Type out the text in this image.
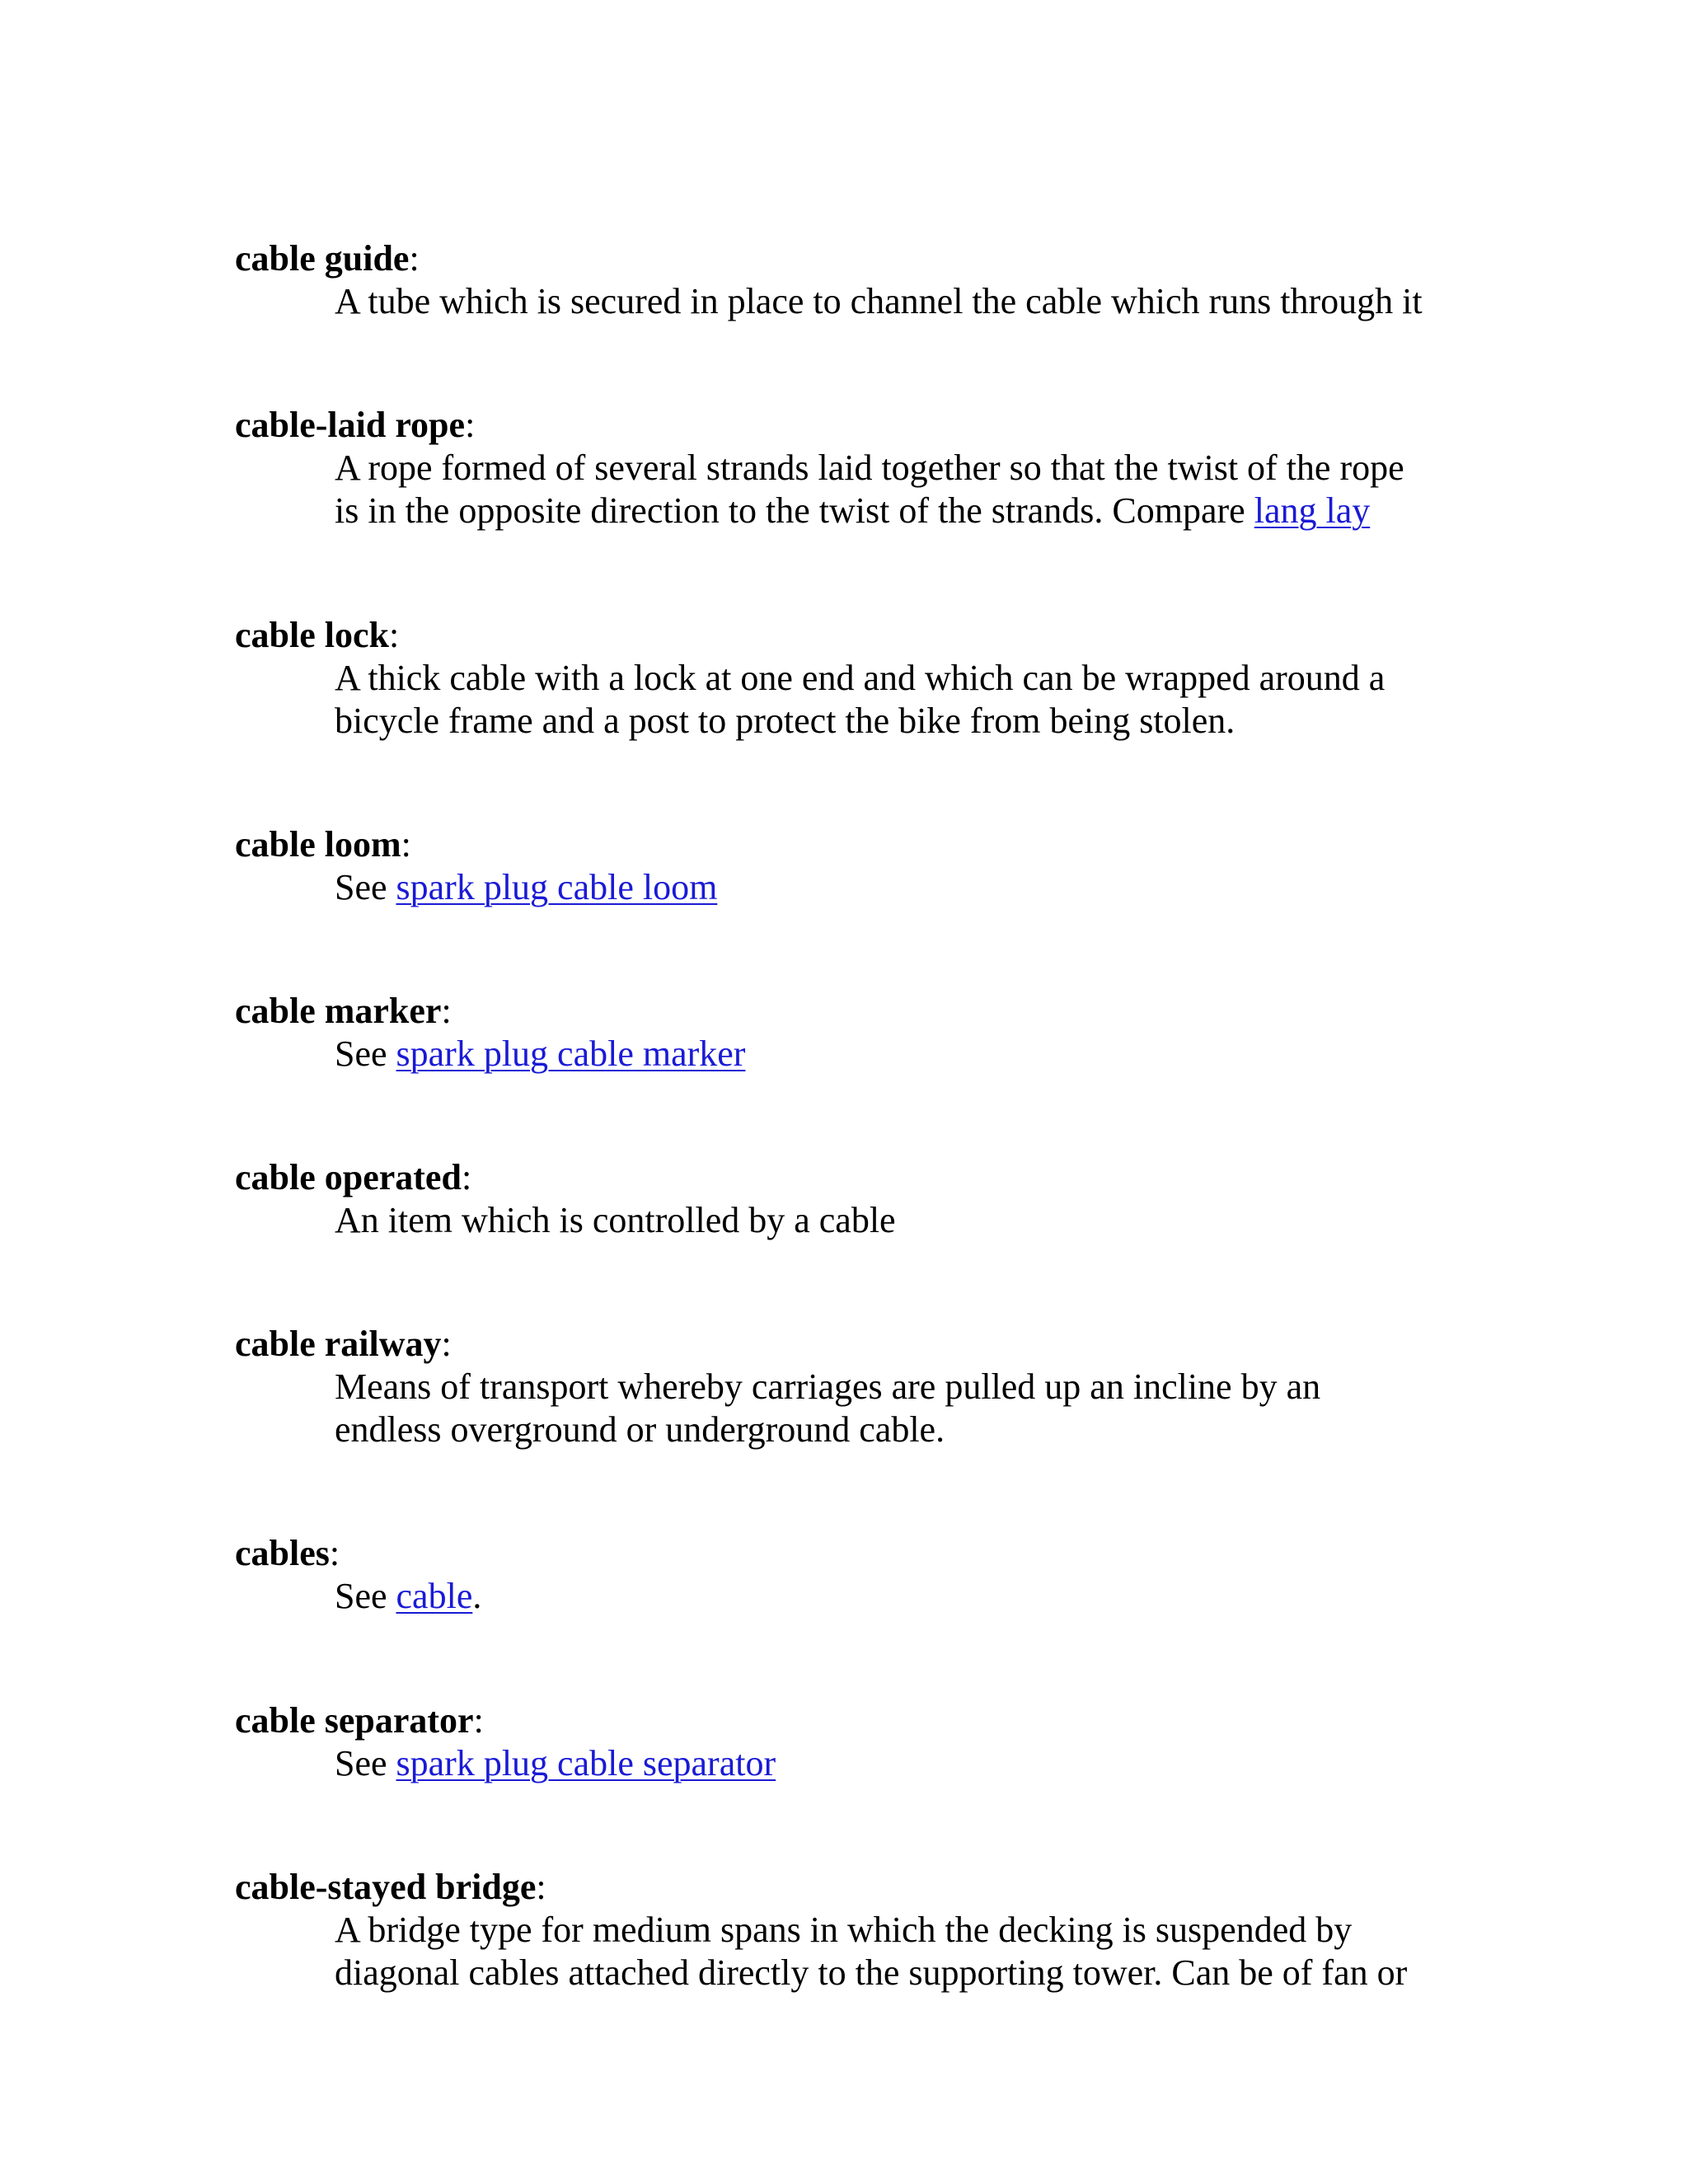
cable guide:
A tube which is secured in place to channel the cable which runs through it
cable-laid rope:
A rope formed of several strands laid together so that the twist of the rope
is in the opposite direction to the twist of the strands. Compare lang lay
cable lock:
A thick cable with a lock at one end and which can be wrapped around a
bicycle frame and a post to protect the bike from being stolen.
cable loom:
See spark plug cable loom
cable marker:
See spark plug cable marker
cable operated:
An item which is controlled by a cable
cable railway:
Means of transport whereby carriages are pulled up an incline by an
endless overground or underground cable.
cables:
See cable.
cable separator:
See spark plug cable separator
cable-stayed bridge:
A bridge type for medium spans in which the decking is suspended by
diagonal cables attached directly to the supporting tower. Can be of fan or
